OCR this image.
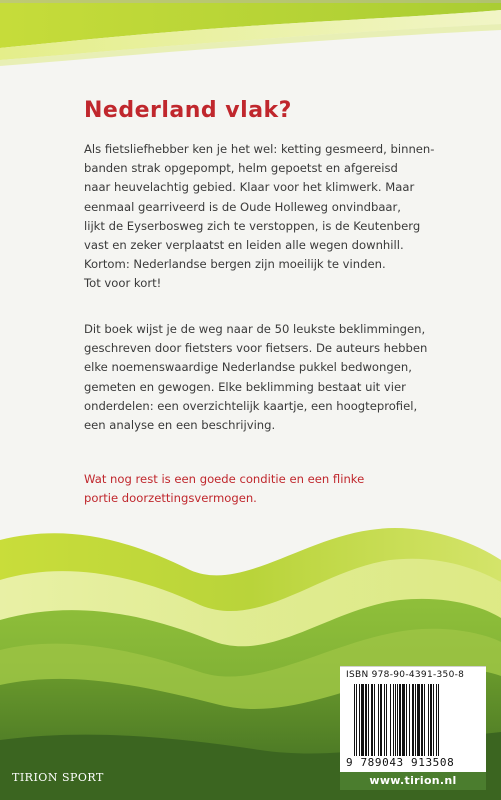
Nederland vlak?

Als fietsliefhebber ken je het wel: ketting gesmeerd, binnen-
banden strak opgepompt, helm gepoetst en afgereisd
naar heuvelachtig gebied. Klaar voor het klimwerk. Maar
eenmaal gearriveerd is de Oude Holleweg onvindbaar,
lijkt de Eyserbosweg zich te verstoppen, is de Keutenberg
vast en zeker verplaatst en leiden alle wegen downhill.
Kortom: Nederlandse bergen zijn moeilijk te vinden.
Tot voor kort!

Dit boek wijst je de weg naar de 50 leukste beklimmingen,
geschreven door fietsters voor fietsers. De auteurs hebben
elke noemenswaardige Nederlandse pukkel bedwongen,
gemeten en gewogen. Elke beklimming bestaat uit vier
onderdelen: een overzichtelijk kaartje, een hoogteprofiel,
een analyse en een beschrijving.

Wat nog rest is een goede conditie en een flinke
portie doorzettingsvermogen.

TIRION SPORT
ISBN 978-90-4391-350-8
9 789043 913508
www.tirion.nl
